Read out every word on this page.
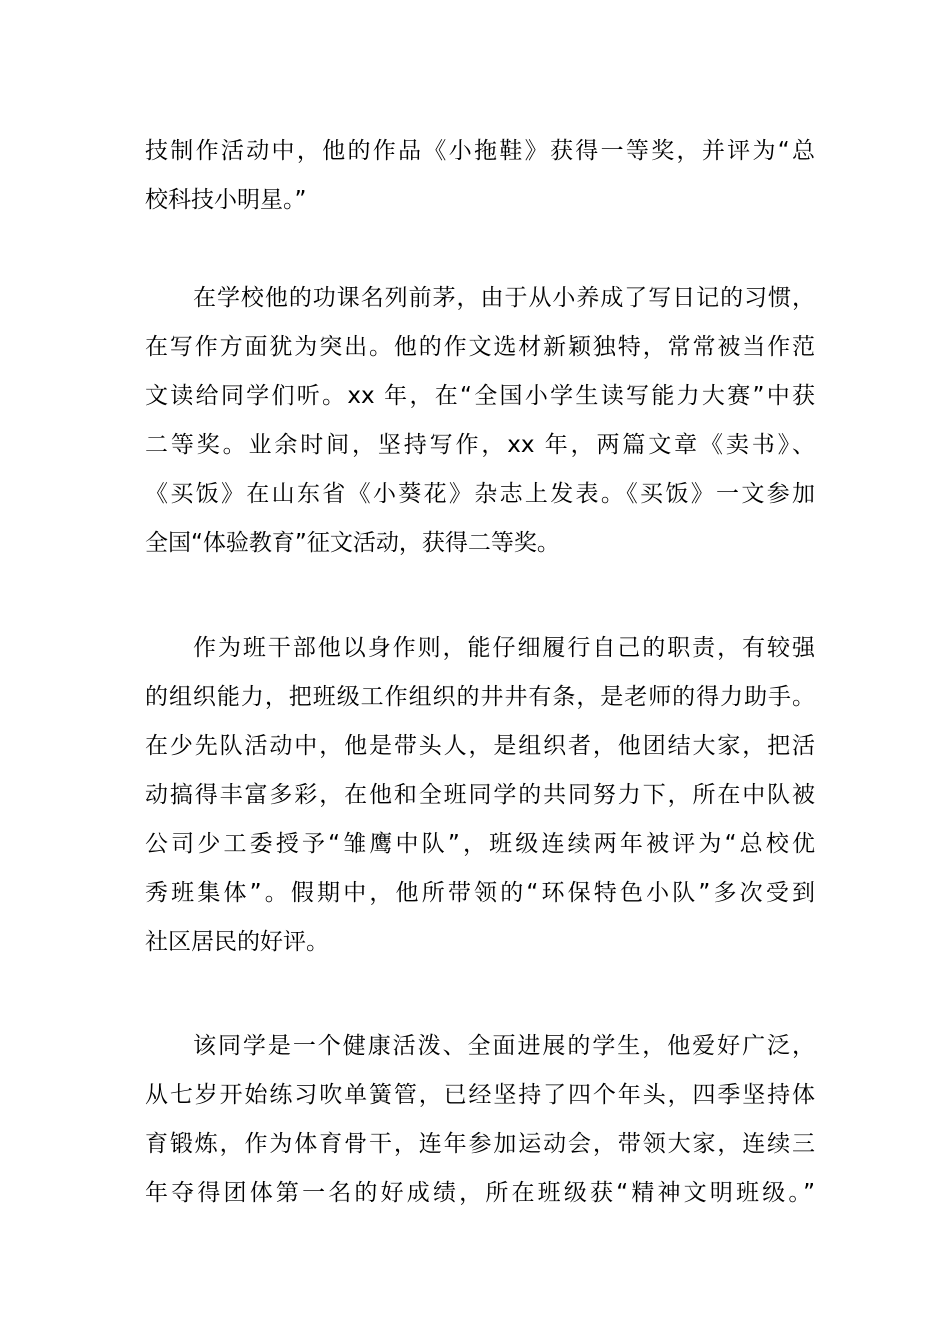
技制作活动中，他的作品《小拖鞋》获得一等奖，并评为“总
校科技小明星。”
在学校他的功课名列前茅，由于从小养成了写日记的习惯，
在写作方面犹为突出。他的作文选材新颖独特，常常被当作范
文读给同学们听。xx 年，在“全国小学生读写能力大赛”中获
二等奖。业余时间，坚持写作，xx 年，两篇文章《卖书》、
《买饭》在山东省《小葵花》杂志上发表。《买饭》一文参加
全国“体验教育”征文活动，获得二等奖。
作为班干部他以身作则，能仔细履行自己的职责，有较强
的组织能力，把班级工作组织的井井有条，是老师的得力助手。
在少先队活动中，他是带头人，是组织者，他团结大家，把活
动搞得丰富多彩，在他和全班同学的共同努力下，所在中队被
公司少工委授予“雏鹰中队”，班级连续两年被评为“总校优
秀班集体”。假期中，他所带领的“环保特色小队”多次受到
社区居民的好评。
该同学是一个健康活泼、全面进展的学生，他爱好广泛，
从七岁开始练习吹单簧管，已经坚持了四个年头，四季坚持体
育锻炼，作为体育骨干，连年参加运动会，带领大家，连续三
年夺得团体第一名的好成绩，所在班级获“精神文明班级。”
